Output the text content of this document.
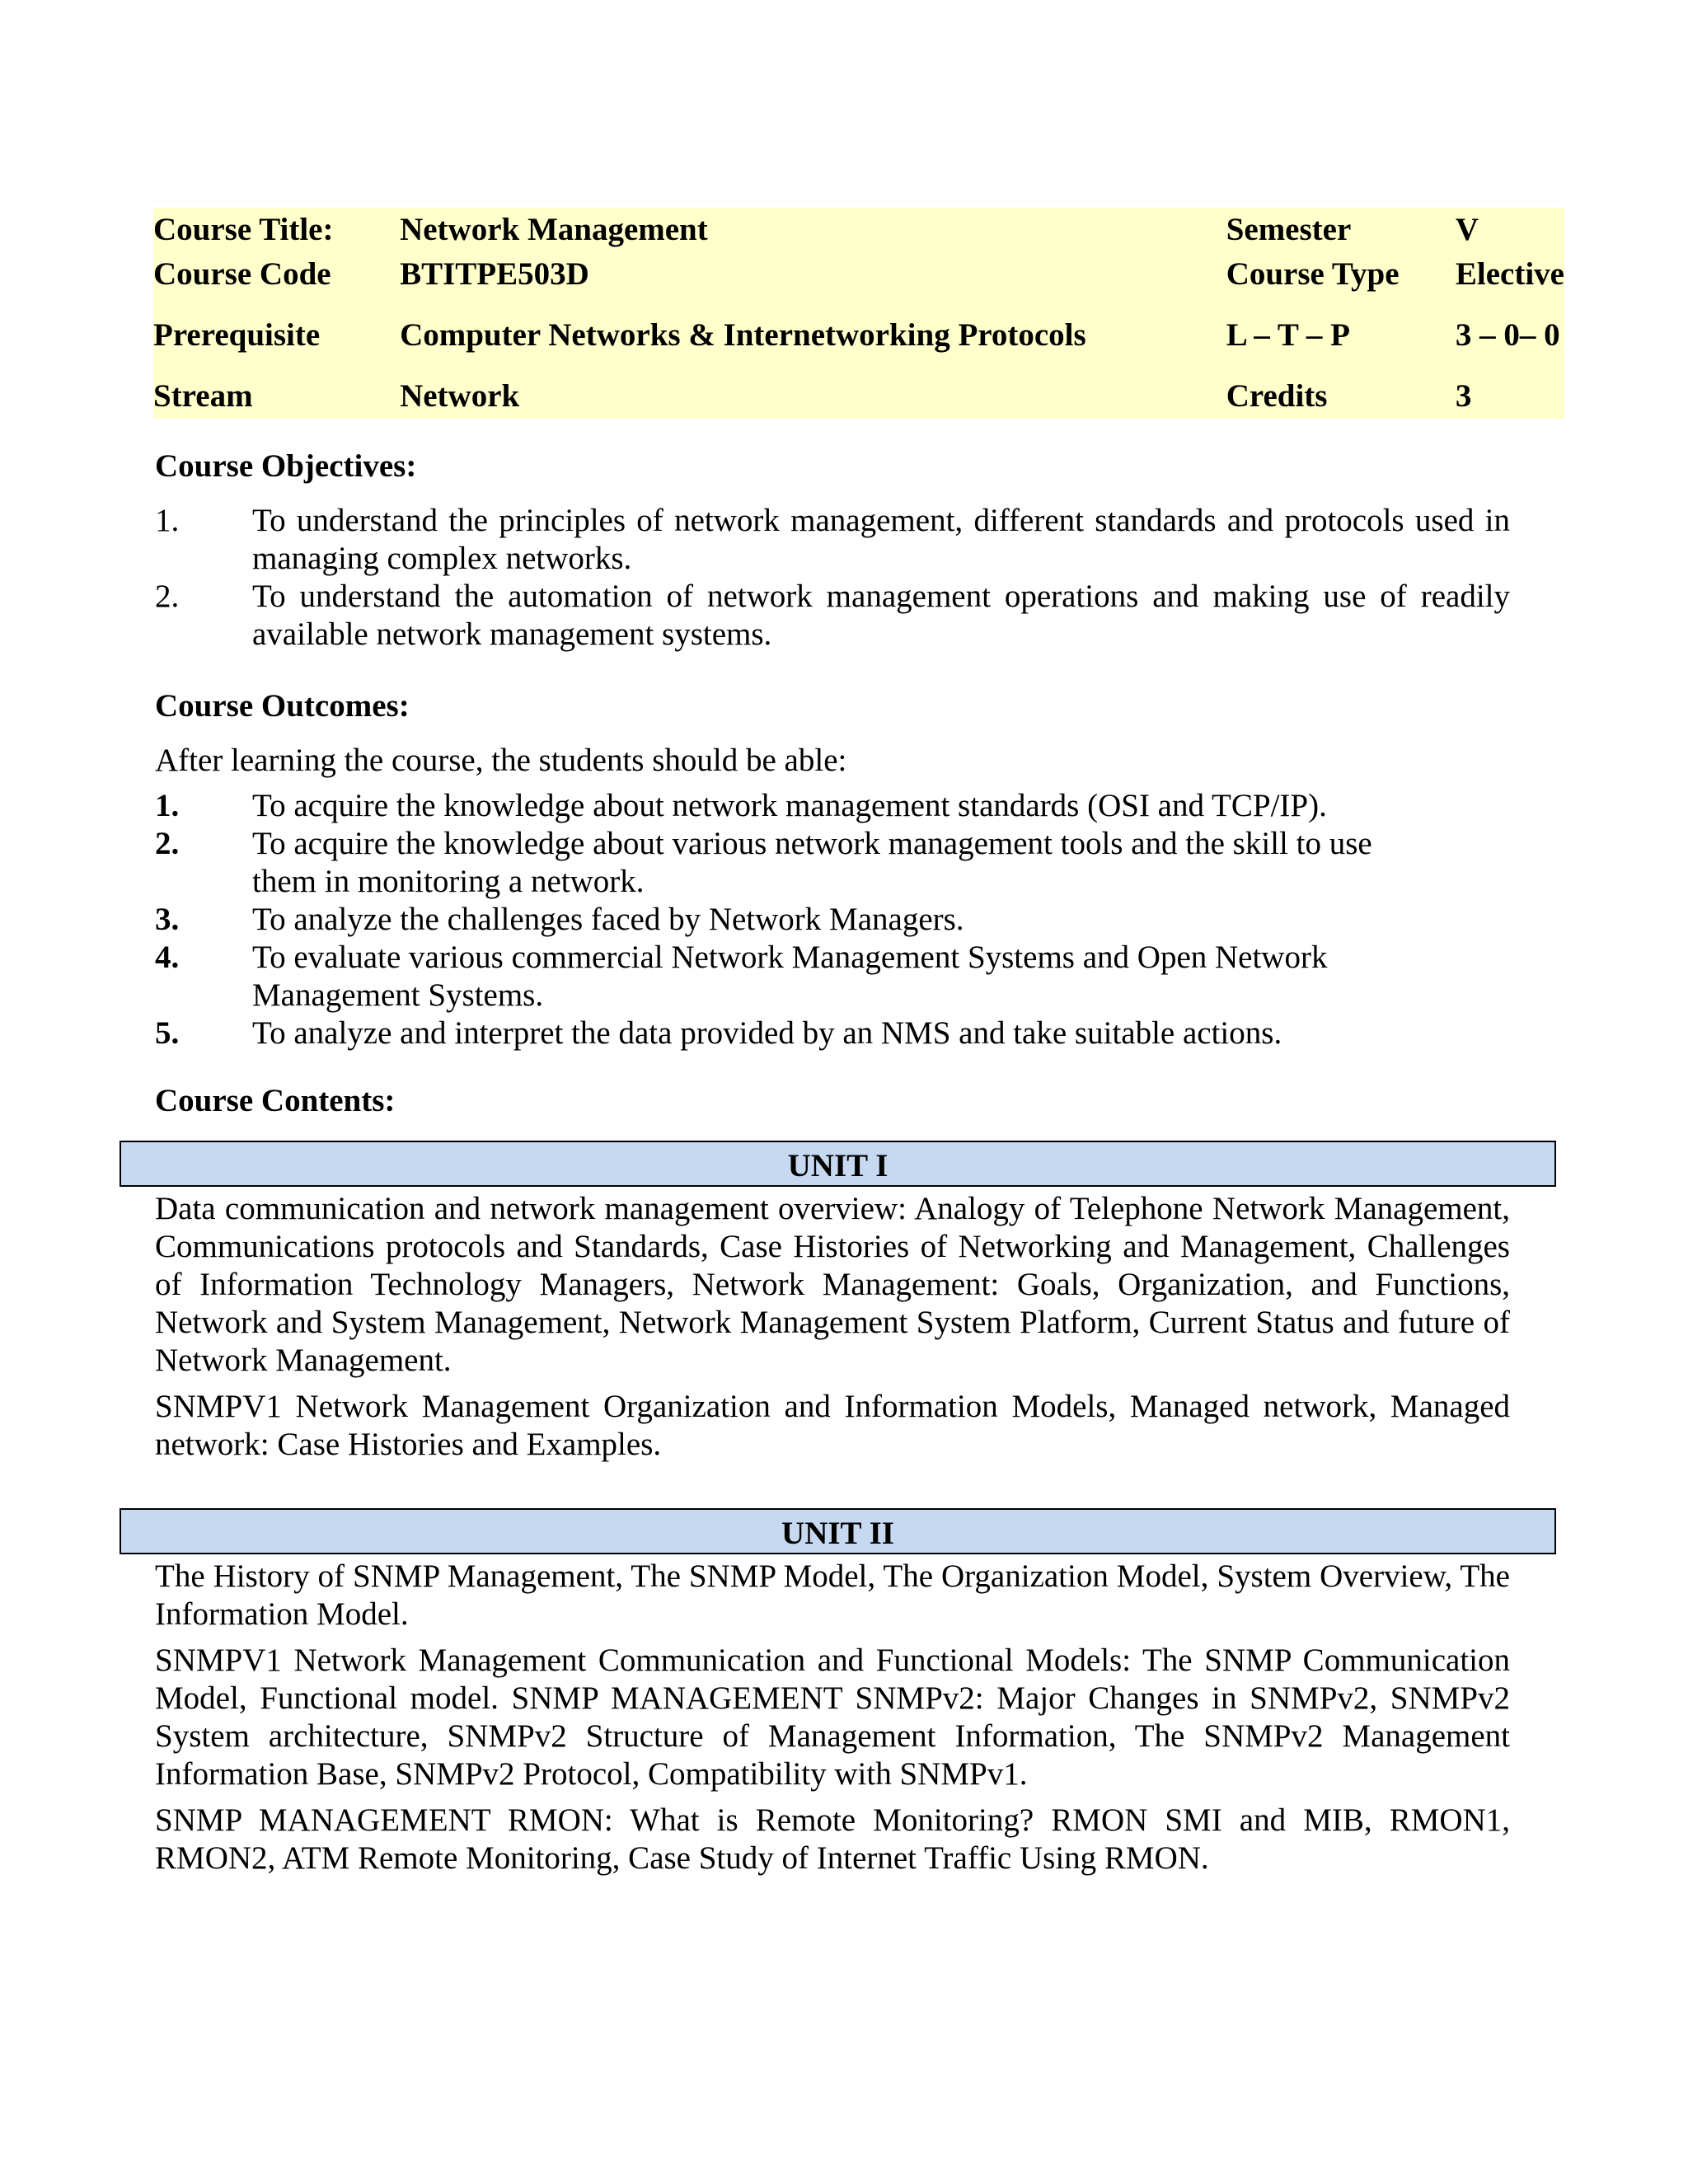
Course Title:	Network Management	Semester	V
Course Code	BTITPE503D	Course Type	Elective
Prerequisite	Computer Networks & Internetworking Protocols	L – T – P	3 – 0– 0
Stream	Network	Credits	3
Course Objectives:
1.	To understand the principles of network management, different standards and protocols used in managing complex networks.
2.	To understand the automation of network management operations and making use of readily available network management systems.
Course Outcomes:
After learning the course, the students should be able:
1.	To acquire the knowledge about network management standards (OSI and TCP/IP).
2.	To acquire the knowledge about various network management tools and the skill to use them in monitoring a network.
3.	To analyze the challenges faced by Network Managers.
4.	To evaluate various commercial Network Management Systems and Open Network Management Systems.
5.	To analyze and interpret the data provided by an NMS and take suitable actions.
Course Contents:
UNIT I

Data communication and network management overview: Analogy of Telephone Network Management, Communications protocols and Standards, Case Histories of Networking and Management, Challenges of Information Technology Managers, Network Management: Goals, Organization, and Functions, Network and System Management, Network Management System Platform, Current Status and future of Network Management.

SNMPV1 Network Management Organization and Information Models, Managed network, Managed network: Case Histories and Examples.

UNIT II

The History of SNMP Management, The SNMP Model, The Organization Model, System Overview, The Information Model.

SNMPV1 Network Management Communication and Functional Models: The SNMP Communication Model, Functional model. SNMP MANAGEMENT SNMPv2: Major Changes in SNMPv2, SNMPv2 System architecture, SNMPv2 Structure of Management Information, The SNMPv2 Management Information Base, SNMPv2 Protocol, Compatibility with SNMPv1.

SNMP MANAGEMENT RMON: What is Remote Monitoring? RMON SMI and MIB, RMON1, RMON2, ATM Remote Monitoring, Case Study of Internet Traffic Using RMON.
